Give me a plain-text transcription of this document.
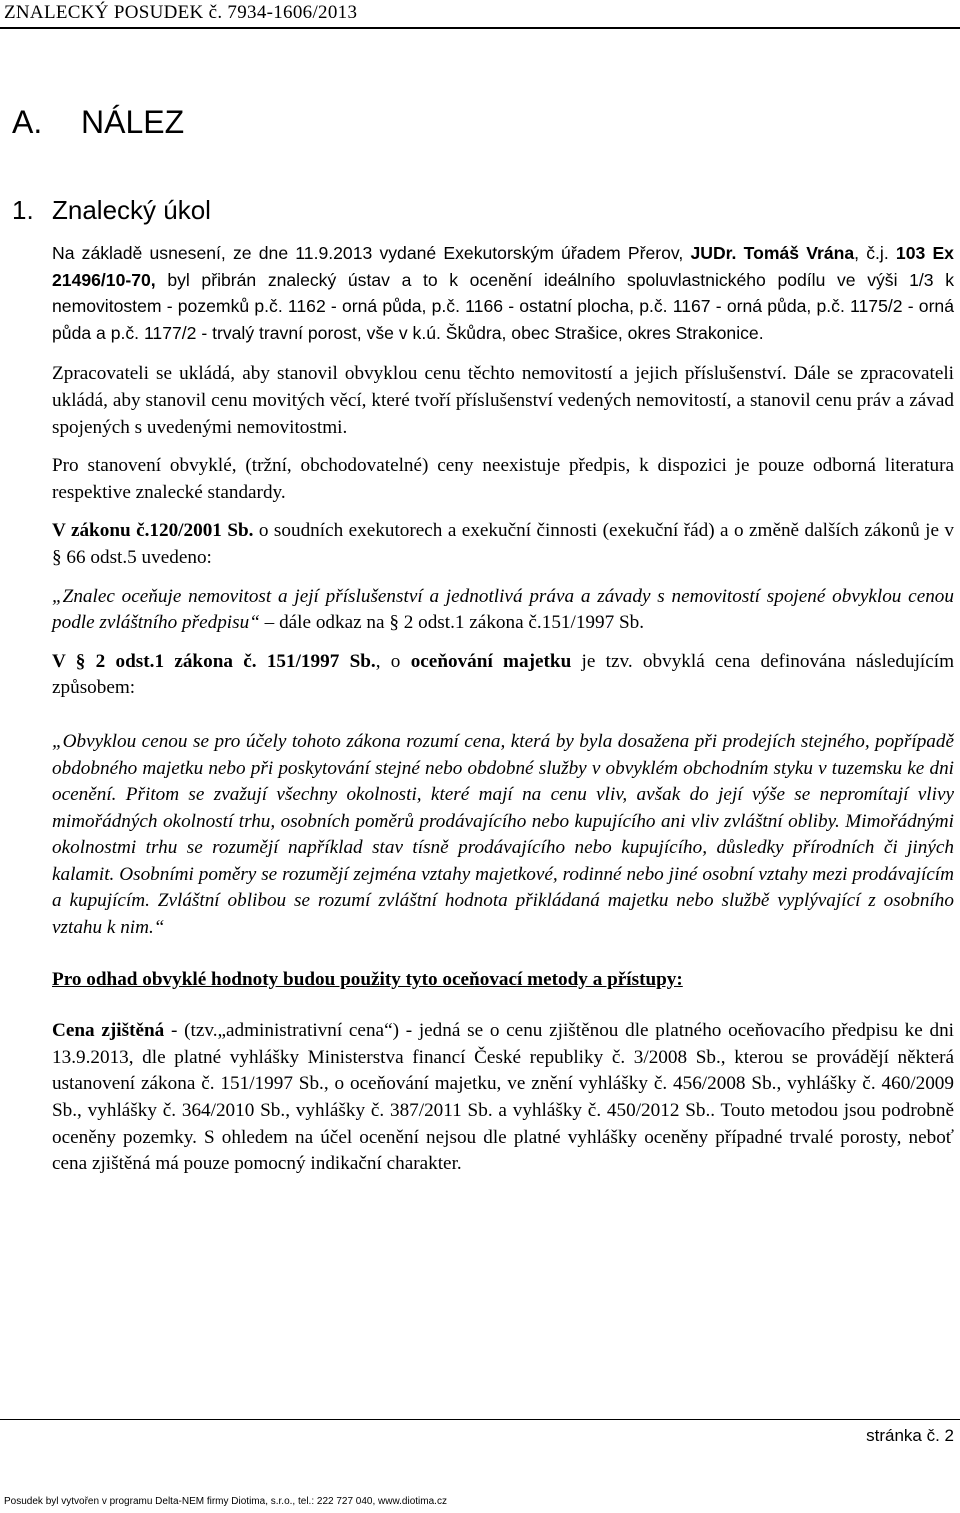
ZNALECKÝ POSUDEK č. 7934-1606/2013
A. NÁLEZ
1. Znalecký úkol

Na základě usnesení, ze dne 11.9.2013 vydané Exekutorským úřadem Přerov, JUDr. Tomáš Vrána, č.j. 103 Ex 21496/10-70, byl přibrán znalecký ústav a to k ocenění ideálního spoluvlastnického podílu ve výši 1/3 k nemovitostem - pozemků p.č. 1162 - orná půda, p.č. 1166 - ostatní plocha, p.č. 1167 - orná půda, p.č. 1175/2 - orná půda a p.č. 1177/2 - trvalý travní porost, vše v k.ú. Škůdra, obec Strašice, okres Strakonice.

Zpracovateli se ukládá, aby stanovil obvyklou cenu těchto nemovitostí a jejich příslušenství. Dále se zpracovateli ukládá, aby stanovil cenu movitých věcí, které tvoří příslušenství vedených nemovitostí, a stanovil cenu práv a závad spojených s uvedenými nemovitostmi.

Pro stanovení obvyklé, (tržní, obchodovatelné) ceny neexistuje předpis, k dispozici je pouze odborná literatura respektive znalecké standardy.

V zákonu č.120/2001 Sb. o soudních exekutorech a exekuční činnosti (exekuční řád) a o změně dalších zákonů je v § 66 odst.5 uvedeno:

„Znalec oceňuje nemovitost a její příslušenství a jednotlivá práva a závady s nemovitostí spojené obvyklou cenou podle zvláštního předpisu“ – dále odkaz na § 2 odst.1 zákona č.151/1997 Sb.

V § 2 odst.1 zákona č. 151/1997 Sb., o oceňování majetku je tzv. obvyklá cena definována následujícím způsobem:

„Obvyklou cenou se pro účely tohoto zákona rozumí cena, která by byla dosažena při prodejích stejného, popřípadě obdobného majetku nebo při poskytování stejné nebo obdobné služby v obvyklém obchodním styku v tuzemsku ke dni ocenění. Přitom se zvažují všechny okolnosti, které mají na cenu vliv, avšak do její výše se nepromítají vlivy mimořádných okolností trhu, osobních poměrů prodávajícího nebo kupujícího ani vliv zvláštní obliby. Mimořádnými okolnostmi trhu se rozumějí například stav tísně prodávajícího nebo kupujícího, důsledky přírodních či jiných kalamit. Osobními poměry se rozumějí zejména vztahy majetkové, rodinné nebo jiné osobní vztahy mezi prodávajícím a kupujícím. Zvláštní oblibou se rozumí zvláštní hodnota přikládaná majetku nebo službě vyplývající z osobního vztahu k nim.“

Pro odhad obvyklé hodnoty budou použity tyto oceňovací metody a přístupy:

Cena zjištěná - (tzv.„administrativní cena“) - jedná se o cenu zjištěnou dle platného oceňovacího předpisu ke dni 13.9.2013, dle platné vyhlášky Ministerstva financí České republiky č. 3/2008 Sb., kterou se provádějí některá ustanovení zákona č. 151/1997 Sb., o oceňování majetku, ve znění vyhlášky č. 456/2008 Sb., vyhlášky č. 460/2009 Sb., vyhlášky č. 364/2010 Sb., vyhlášky č. 387/2011 Sb. a vyhlášky č. 450/2012 Sb.. Touto metodou jsou podrobně oceněny pozemky. S ohledem na účel ocenění nejsou dle platné vyhlášky oceněny případné trvalé porosty, neboť cena zjištěná má pouze pomocný indikační charakter.

stránka č. 2
Posudek byl vytvořen v programu Delta-NEM firmy Diotima, s.r.o., tel.: 222 727 040, www.diotima.cz
